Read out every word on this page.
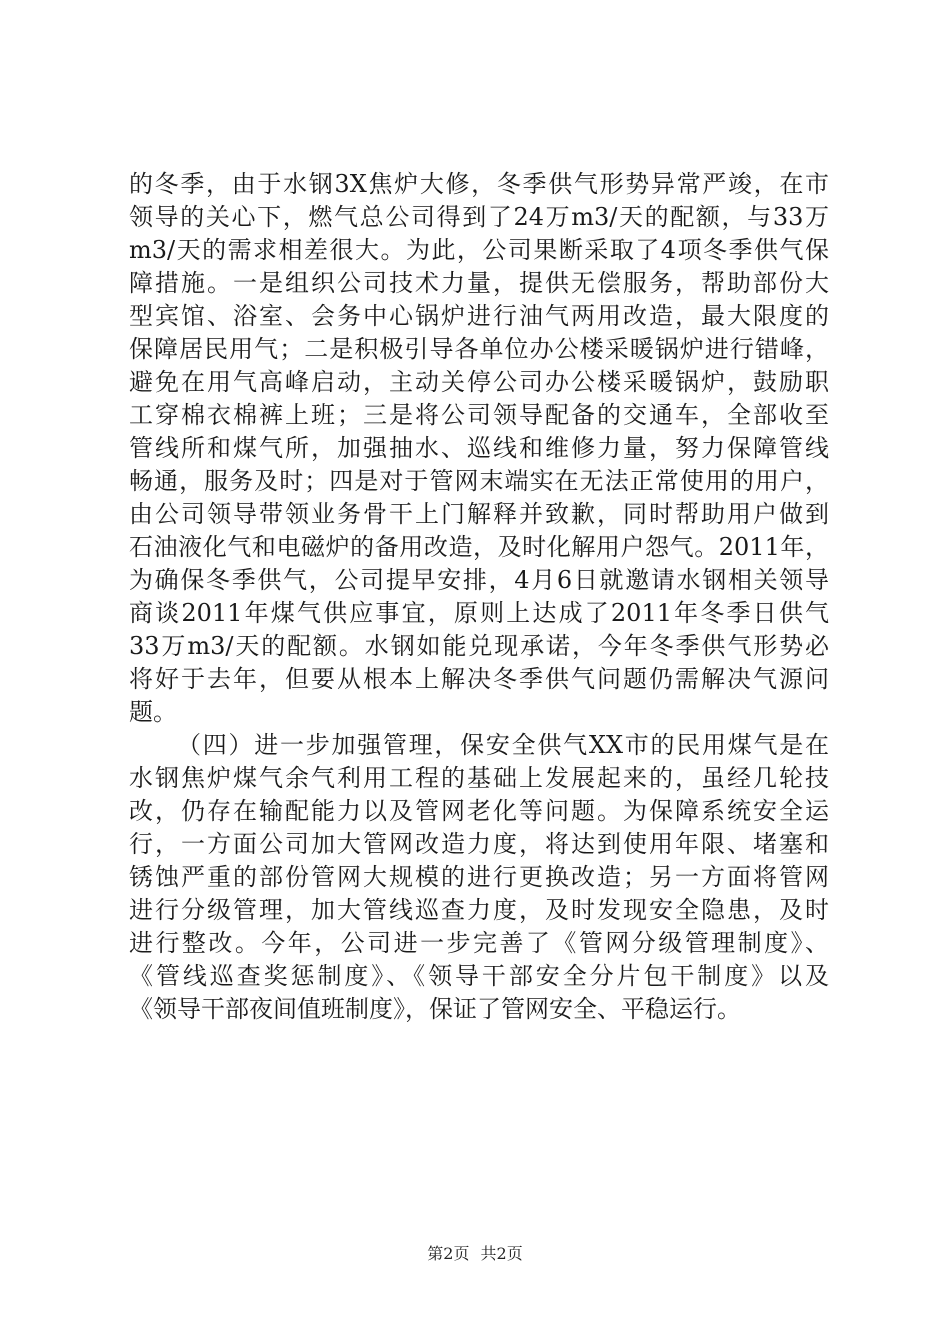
的冬季，由于水钢3X焦炉大修，冬季供气形势异常严竣，在市
领导的关心下，燃气总公司得到了24万m3/天的配额，与33万
m3/天的需求相差很大。为此，公司果断采取了4项冬季供气保
障措施。一是组织公司技术力量，提供无偿服务，帮助部份大
型宾馆、浴室、会务中心锅炉进行油气两用改造，最大限度的
保障居民用气；二是积极引导各单位办公楼采暖锅炉进行错峰，
避免在用气高峰启动，主动关停公司办公楼采暖锅炉，鼓励职
工穿棉衣棉裤上班；三是将公司领导配备的交通车，全部收至
管线所和煤气所，加强抽水、巡线和维修力量，努力保障管线
畅通，服务及时；四是对于管网末端实在无法正常使用的用户，
由公司领导带领业务骨干上门解释并致歉，同时帮助用户做到
石油液化气和电磁炉的备用改造，及时化解用户怨气。2011年，
为确保冬季供气，公司提早安排，4月6日就邀请水钢相关领导
商谈2011年煤气供应事宜，原则上达成了2011年冬季日供气
33万m3/天的配额。水钢如能兑现承诺，今年冬季供气形势必
将好于去年，但要从根本上解决冬季供气问题仍需解决气源问
题。
（四）进一步加强管理，保安全供气XX市的民用煤气是在
水钢焦炉煤气余气利用工程的基础上发展起来的，虽经几轮技
改，仍存在输配能力以及管网老化等问题。为保障系统安全运
行，一方面公司加大管网改造力度，将达到使用年限、堵塞和
锈蚀严重的部份管网大规模的进行更换改造；另一方面将管网
进行分级管理，加大管线巡查力度，及时发现安全隐患，及时
进行整改。今年，公司进一步完善了《管网分级管理制度》、
《管线巡查奖惩制度》、《领导干部安全分片包干制度》以及
《领导干部夜间值班制度》，保证了管网安全、平稳运行。
第2页 共2页
